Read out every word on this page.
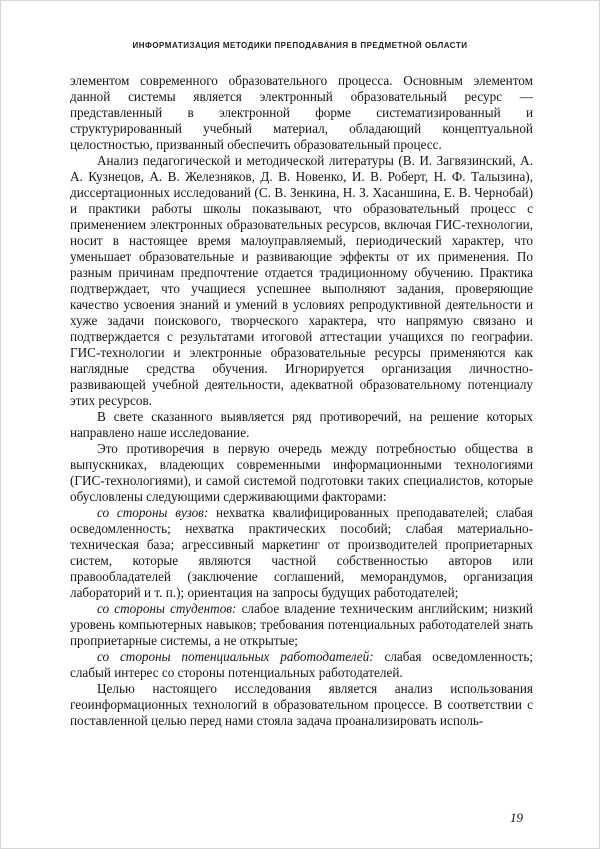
ИНФОРМАТИЗАЦИЯ МЕТОДИКИ ПРЕПОДАВАНИЯ В ПРЕДМЕТНОЙ ОБЛАСТИ

элементом современного образовательного процесса. Основным элементом данной системы является электронный образовательный ресурс — представленный в электронной форме систематизированный и структурированный учебный материал, обладающий концептуальной целостностью, призванный обеспечить образовательный процесс.

Анализ педагогической и методической литературы (В. И. Загвязинский, А. А. Кузнецов, А. В. Железняков, Д. В. Новенко, И. В. Роберт, Н. Ф. Талызина), диссертационных исследований (С. В. Зенкина, Н. З. Хасаншина, Е. В. Чернобай) и практики работы школы показывают, что образовательный процесс с применением электронных образовательных ресурсов, включая ГИС-технологии, носит в настоящее время малоуправляемый, периодический характер, что уменьшает образовательные и развивающие эффекты от их применения. По разным причинам предпочтение отдается традиционному обучению. Практика подтверждает, что учащиеся успешнее выполняют задания, проверяющие качество усвоения знаний и умений в условиях репродуктивной деятельности и хуже задачи поискового, творческого характера, что напрямую связано и подтверждается с результатами итоговой аттестации учащихся по географии. ГИС-технологии и электронные образовательные ресурсы применяются как наглядные средства обучения. Игнорируется организация личностно-развивающей учебной деятельности, адекватной образовательному потенциалу этих ресурсов.

В свете сказанного выявляется ряд противоречий, на решение которых направлено наше исследование.

Это противоречия в первую очередь между потребностью общества в выпускниках, владеющих современными информационными технологиями (ГИС-технологиями), и самой системой подготовки таких специалистов, которые обусловлены следующими сдерживающими факторами:

со стороны вузов: нехватка квалифицированных преподавателей; слабая осведомленность; нехватка практических пособий; слабая материально-техническая база; агрессивный маркетинг от производителей проприетарных систем, которые являются частной собственностью авторов или правообладателей (заключение соглашений, меморандумов, организация лабораторий и т. п.); ориентация на запросы будущих работодателей;

со стороны студентов: слабое владение техническим английским; низкий уровень компьютерных навыков; требования потенциальных работодателей знать проприетарные системы, а не открытые;

со стороны потенциальных работодателей: слабая осведомленность; слабый интерес со стороны потенциальных работодателей.

Целью настоящего исследования является анализ использования геоинформационных технологий в образовательном процессе. В соответствии с поставленной целью перед нами стояла задача проанализировать исполь-

19
